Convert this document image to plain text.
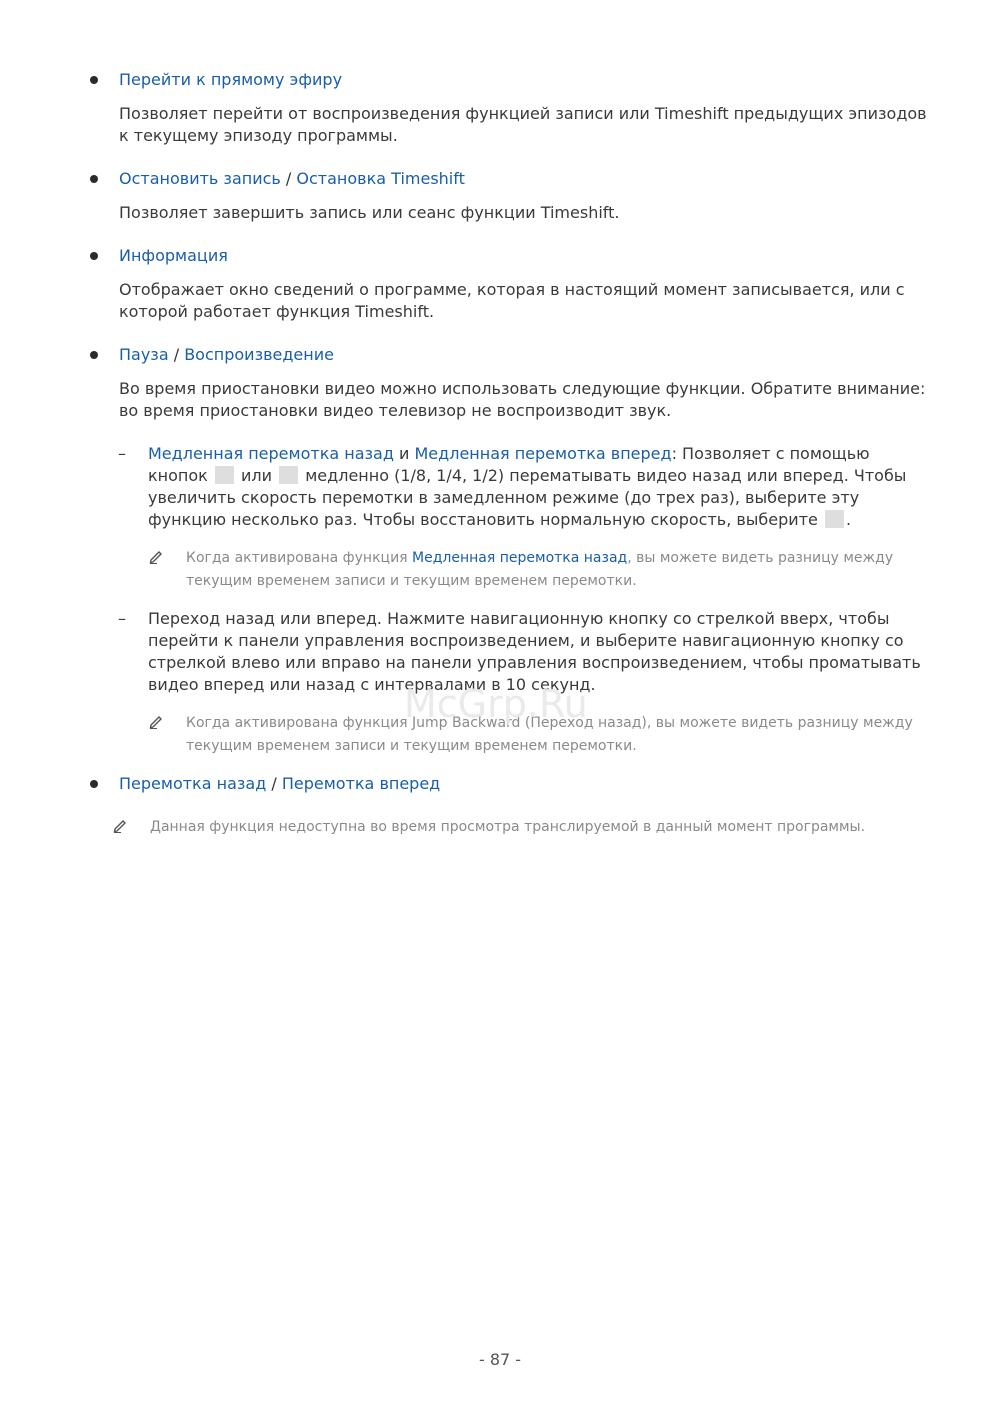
Перейти к прямому эфиру
Позволяет перейти от воспроизведения функцией записи или Timeshift предыдущих эпизодов к текущему эпизоду программы.
Остановить запись / Остановка Timeshift
Позволяет завершить запись или сеанс функции Timeshift.
Информация
Отображает окно сведений о программе, которая в настоящий момент записывается, или с которой работает функция Timeshift.
Пауза / Воспроизведение
Во время приостановки видео можно использовать следующие функции. Обратите внимание: во время приостановки видео телевизор не воспроизводит звук.
– Медленная перемотка назад и Медленная перемотка вперед: Позволяет с помощью кнопок или медленно (1/8, 1/4, 1/2) перематывать видео назад или вперед. Чтобы увеличить скорость перемотки в замедленном режиме (до трех раз), выберите эту функцию несколько раз. Чтобы восстановить нормальную скорость, выберите .
Когда активирована функция Медленная перемотка назад, вы можете видеть разницу между текущим временем записи и текущим временем перемотки.
– Переход назад или вперед. Нажмите навигационную кнопку со стрелкой вверх, чтобы перейти к панели управления воспроизведением, и выберите навигационную кнопку со стрелкой влево или вправо на панели управления воспроизведением, чтобы проматывать видео вперед или назад с интервалами в 10 секунд.
Когда активирована функция Jump Backward (Переход назад), вы можете видеть разницу между текущим временем записи и текущим временем перемотки.
Перемотка назад / Перемотка вперед
Данная функция недоступна во время просмотра транслируемой в данный момент программы.
McGrp.Ru
- 87 -
